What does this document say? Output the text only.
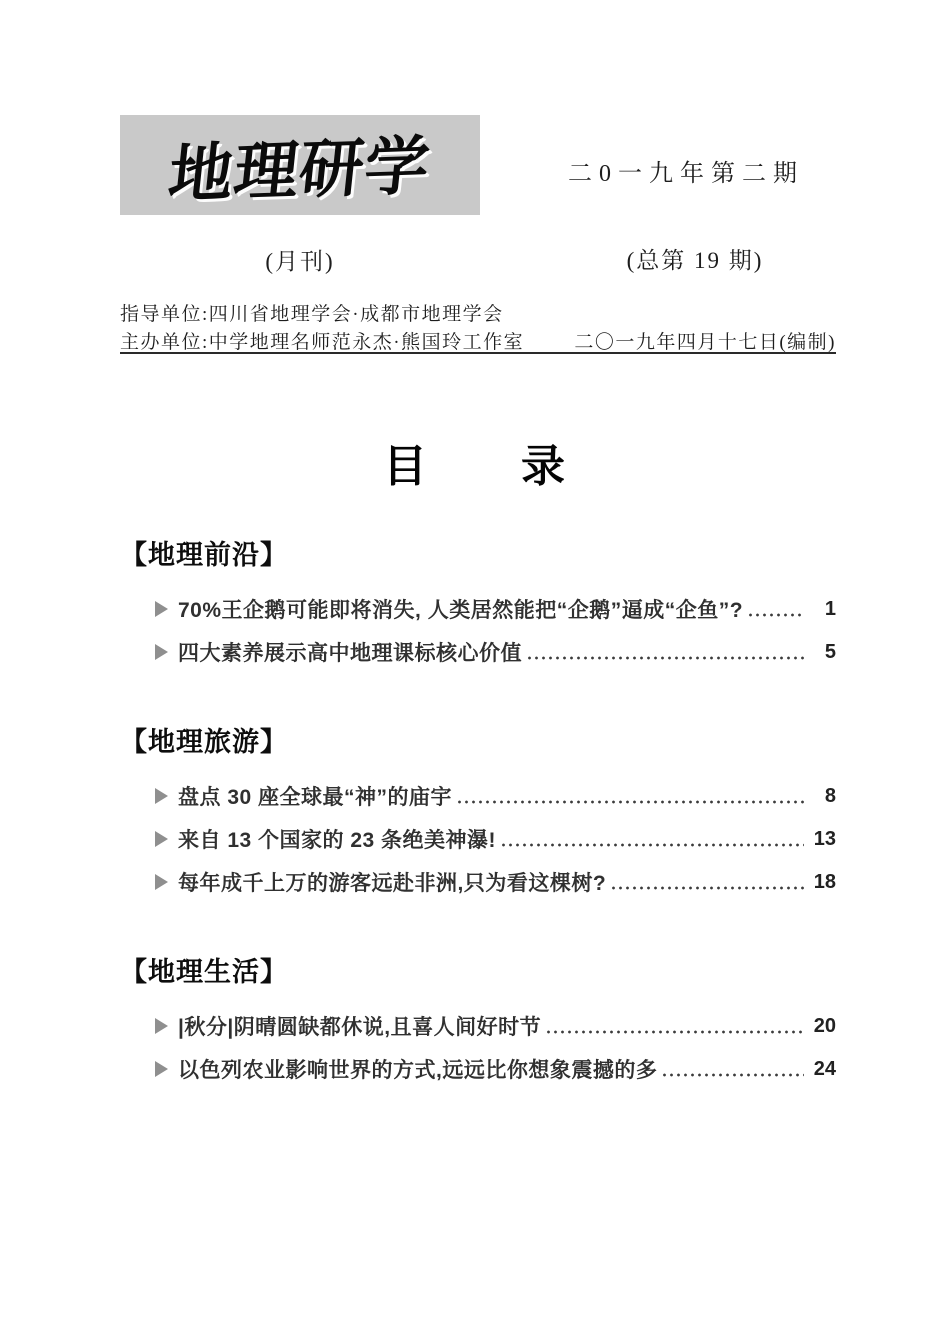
地理研学	二0一九年第二期
(月刊)	(总第 19 期)
指导单位:四川省地理学会·成都市地理学会
主办单位:中学地理名师范永杰·熊国玲工作室	二〇一九年四月十七日(编制)
目　　录
【地理前沿】
70%王企鹅可能即将消失, 人类居然能把“企鹅”逼成“企鱼”?	1
四大素养展示高中地理课标核心价值	5
【地理旅游】
盘点 30 座全球最“神”的庙宇	8
来自 13 个国家的 23 条绝美神瀑!	13
每年成千上万的游客远赴非洲,只为看这棵树?	18
【地理生活】
|秋分|阴晴圆缺都休说,且喜人间好时节	20
以色列农业影响世界的方式,远远比你想象震撼的多	24
